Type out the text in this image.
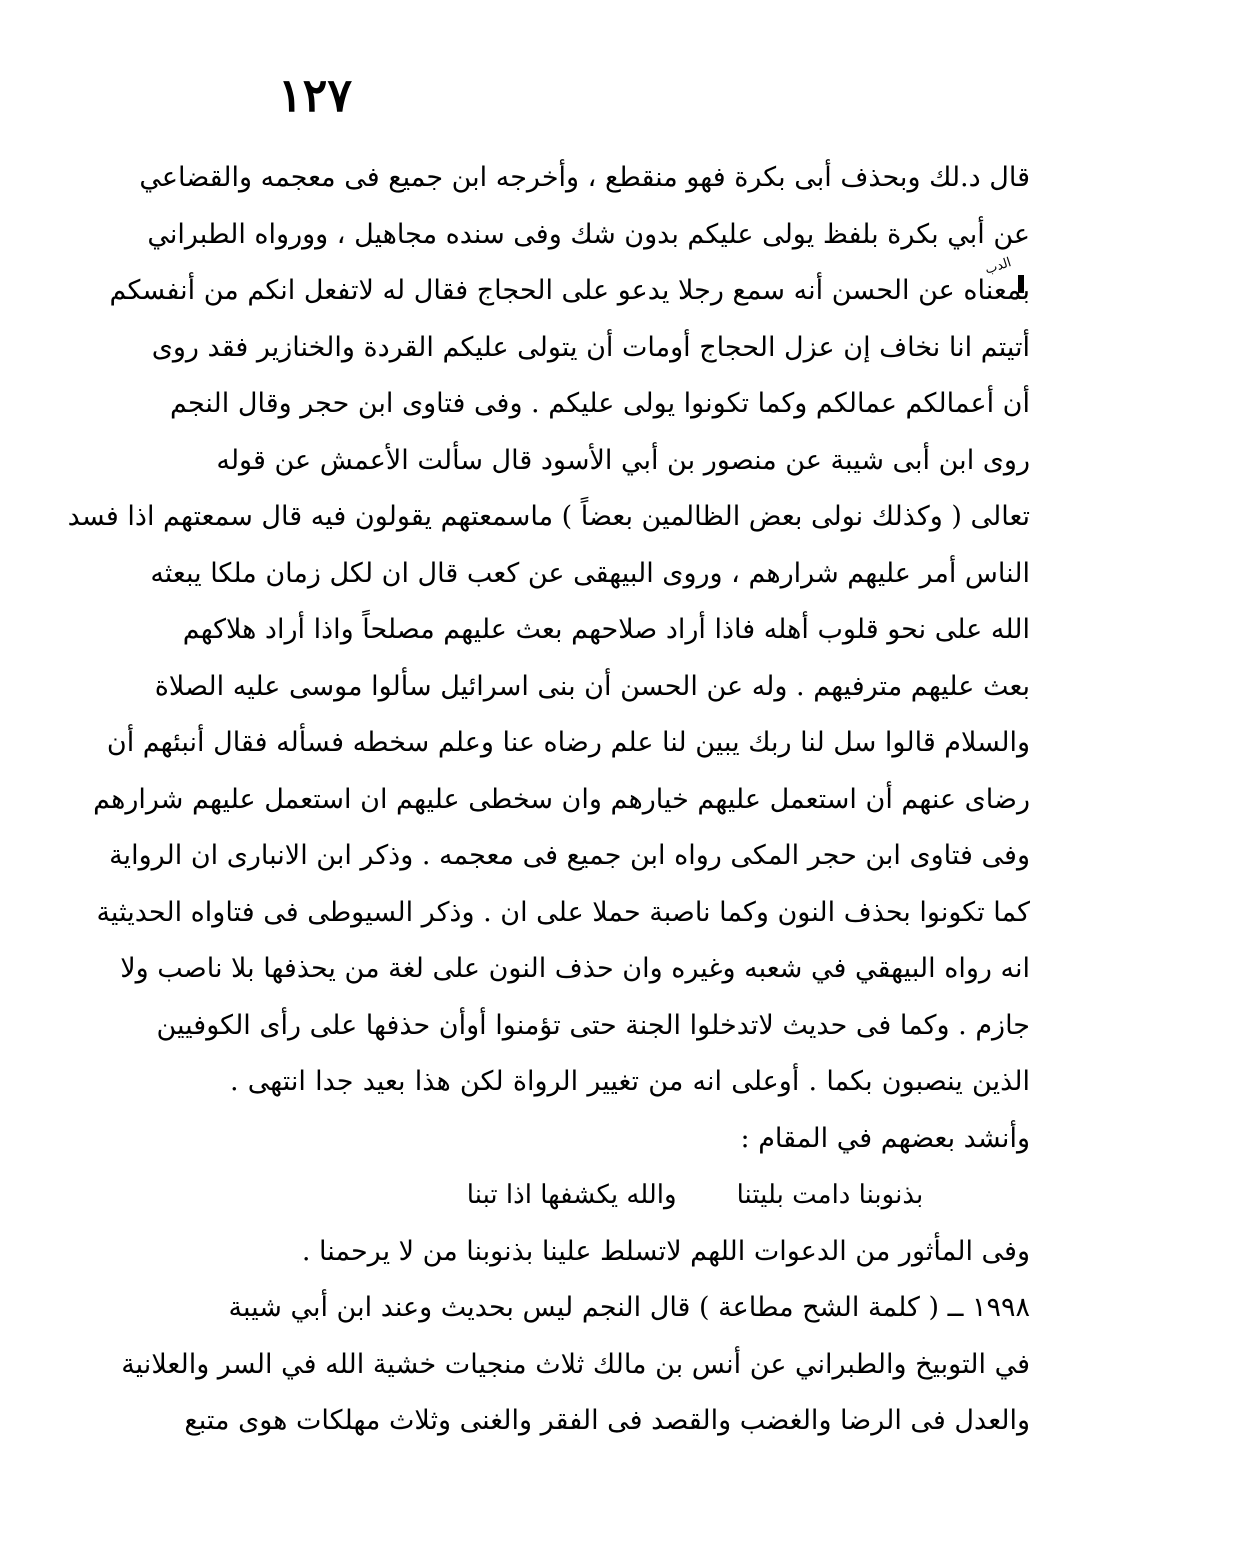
١٢٧
الدب
قال د.لك وبحذف أبى بكرة فهو منقطع ، وأخرجه ابن جميع فى معجمه والقضاعي
عن أبي بكرة بلفظ يولى عليكم بدون شك وفى سنده مجاهيل ، وورواه الطبراني
بمعناه عن الحسن أنه سمع رجلا يدعو على الحجاج فقال له لاتفعل انكم من أنفسكم
أتيتم انا نخاف إن عزل الحجاج أومات أن يتولى عليكم القردة والخنازير فقد روى
أن أعمالكم عمالكم وكما تكونوا يولى عليكم . وفى فتاوى ابن حجر وقال النجم
روى ابن أبى شيبة عن منصور بن أبي الأسود قال سألت الأعمش عن قوله
تعالى ( وكذلك نولى بعض الظالمين بعضاً ) ماسمعتهم يقولون فيه قال سمعتهم اذا فسد
الناس أمر عليهم شرارهم ، وروى البيهقى عن كعب قال ان لكل زمان ملكا يبعثه
الله على نحو قلوب أهله فاذا أراد صلاحهم بعث عليهم مصلحاً واذا أراد هلاكهم
بعث عليهم مترفيهم . وله عن الحسن أن بنى اسرائيل سألوا موسى عليه الصلاة
والسلام قالوا سل لنا ربك يبين لنا علم رضاه عنا وعلم سخطه فسأله فقال أنبئهم أن
رضاى عنهم أن استعمل عليهم خيارهم وان سخطى عليهم ان استعمل عليهم شرارهم
وفى فتاوى ابن حجر المكى رواه ابن جميع فى معجمه . وذكر ابن الانبارى ان الرواية
كما تكونوا بحذف النون وكما ناصبة حملا على ان . وذكر السيوطى فى فتاواه الحديثية
انه رواه البيهقي في شعبه وغيره وان حذف النون على لغة من يحذفها بلا ناصب ولا
جازم . وكما فى حديث لاتدخلوا الجنة حتى تؤمنوا أوأن حذفها على رأى الكوفيين
الذين ينصبون بكما . أوعلى انه من تغيير الرواة لكن هذا بعيد جدا انتهى .
وأنشد بعضهم في المقام :
بذنوبنا دامت بليتنا
والله يكشفها اذا تبنا
وفى المأثور من الدعوات اللهم لاتسلط علينا بذنوبنا من لا يرحمنا .
١٩٩٨ ــ ( كلمة الشح مطاعة ) قال النجم ليس بحديث وعند ابن أبي شيبة
في التوبيخ والطبراني عن أنس بن مالك ثلاث منجيات خشية الله في السر والعلانية
والعدل فى الرضا والغضب والقصد فى الفقر والغنى وثلاث مهلكات هوى متبع
